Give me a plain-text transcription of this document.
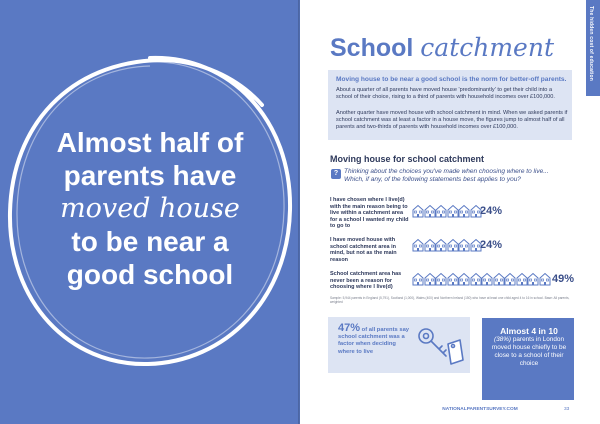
Almost half of
parents have
moved house
to be near a
good school
The hidden cost of education
School catchment
Moving house to be near a good school is the norm for better-off parents.
About a quarter of all parents have moved house 'predominantly' to get their child into a school of their choice, rising to a third of parents with household incomes over £100,000.
Another quarter have moved house with school catchment in mind. When we asked parents if school catchment was at least a factor in a house move, the figures jump to almost half of all parents and two-thirds of parents with household incomes over £100,000.
Moving house for school catchment
? Thinking about the choices you've made when choosing where to live... Which, if any, of the following statements best applies to you?
I have chosen where I live(d) with the main reason being to live within a catchment area for a school I wanted my child to go to
24%
I have moved house with school catchment area in mind, but not as the main reason
24%
School catchment area has never been a reason for choosing where I live(d)
49%
Sample: 5,944 parents in England (5,791), Scotland (1,000), Wales (400) and Northern Ireland (150) who have at least one child aged 4 to 16 in school. Base: All parents, weighted
47% of all parents say school catchment was a factor when deciding where to live
Almost 4 in 10
(38%) parents in London moved house chiefly to be close to a school of their choice
NATIONALPARENTSURVEY.COM	33
